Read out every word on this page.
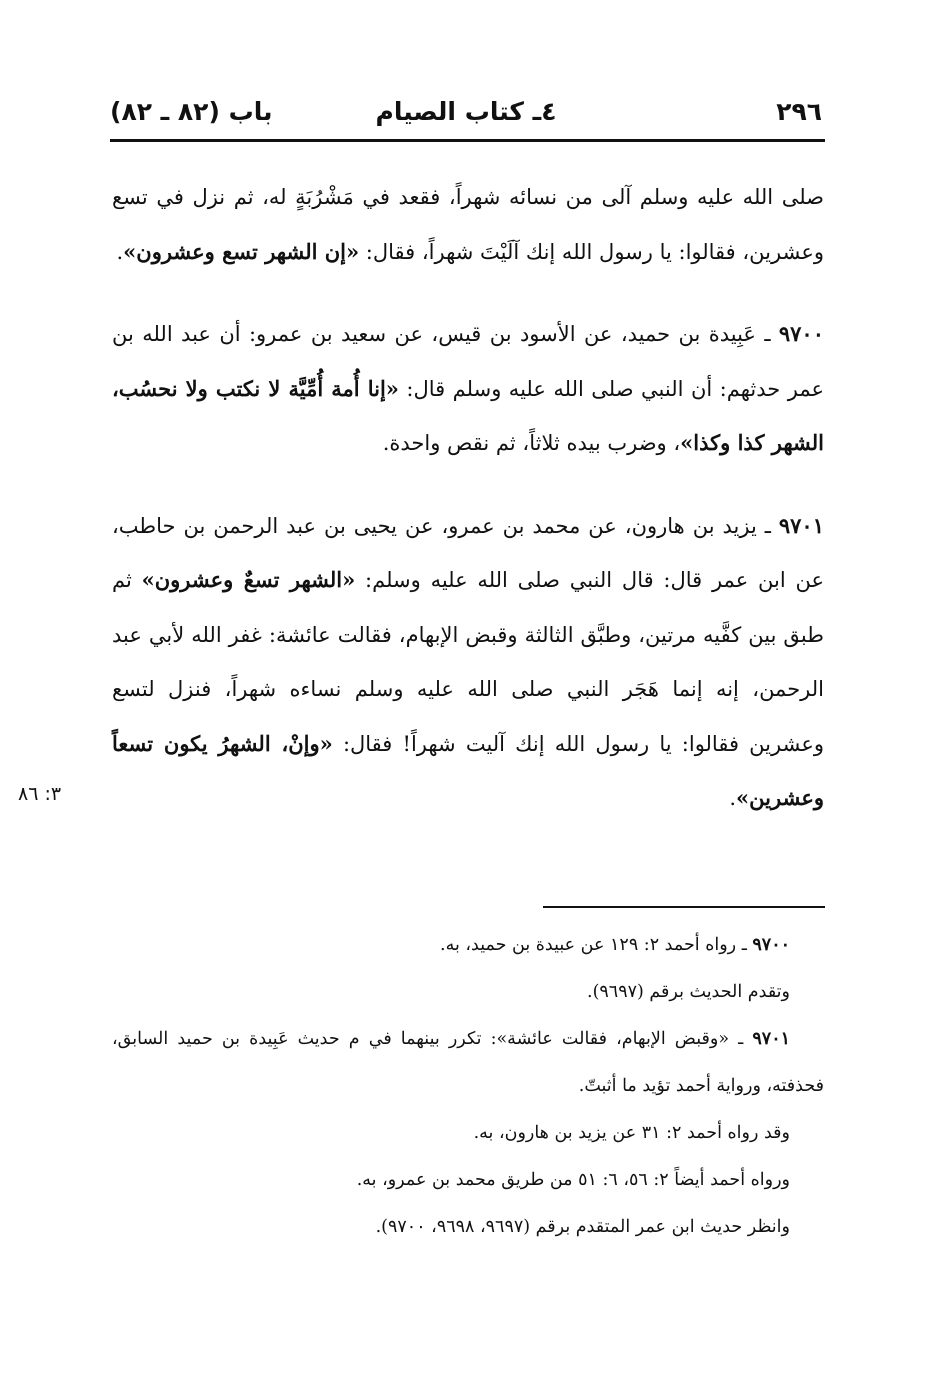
٢٩٦
٤ـ كتاب الصيام
باب (٨٢ ـ ٨٢)

صلى الله عليه وسلم آلى من نسائه شهراً، فقعد في مَشْرُبَةٍ له، ثم نزل في تسع وعشرين، فقالوا: يا رسول الله إنك آلَيْتَ شهراً، فقال: «إن الشهر تسع وعشرون».

٩٧٠٠ ـ عَبِيدة بن حميد، عن الأسود بن قيس، عن سعيد بن عمرو: أن عبد الله بن عمر حدثهم: أن النبي صلى الله عليه وسلم قال: «إنا أُمة أُمِّيَّة لا نكتب ولا نحسُب، الشهر كذا وكذا»، وضرب بيده ثلاثاً، ثم نقص واحدة.

٩٧٠١ ـ يزيد بن هارون، عن محمد بن عمرو، عن يحيى بن عبد الرحمن بن حاطب، عن ابن عمر قال: قال النبي صلى الله عليه وسلم: «الشهر تسعٌ وعشرون» ثم طبق بين كفَّيه مرتين، وطبَّق الثالثة وقبض الإبهام، فقالت عائشة: غفر الله لأبي عبد الرحمن، إنه إنما هَجَر النبي صلى الله عليه وسلم نساءه شهراً، فنزل لتسع وعشرين فقالوا: يا رسول الله إنك آليت شهراً! فقال: «وإنْ، الشهرُ يكون تسعاً وعشرين».

٣: ٨٦

٩٧٠٠ ـ رواه أحمد ٢: ١٢٩ عن عبيدة بن حميد، به.

وتقدم الحديث برقم (٩٦٩٧).

٩٧٠١ ـ «وقبض الإبهام، فقالت عائشة»: تكرر بينهما في م حديث عَبِيدة بن حميد السابق، فحذفته، ورواية أحمد تؤيد ما أثبتّ.

وقد رواه أحمد ٢: ٣١ عن يزيد بن هارون، به.

ورواه أحمد أيضاً ٢: ٥٦، ٦: ٥١ من طريق محمد بن عمرو، به.

وانظر حديث ابن عمر المتقدم برقم (٩٦٩٧، ٩٦٩٨، ٩٧٠٠).
